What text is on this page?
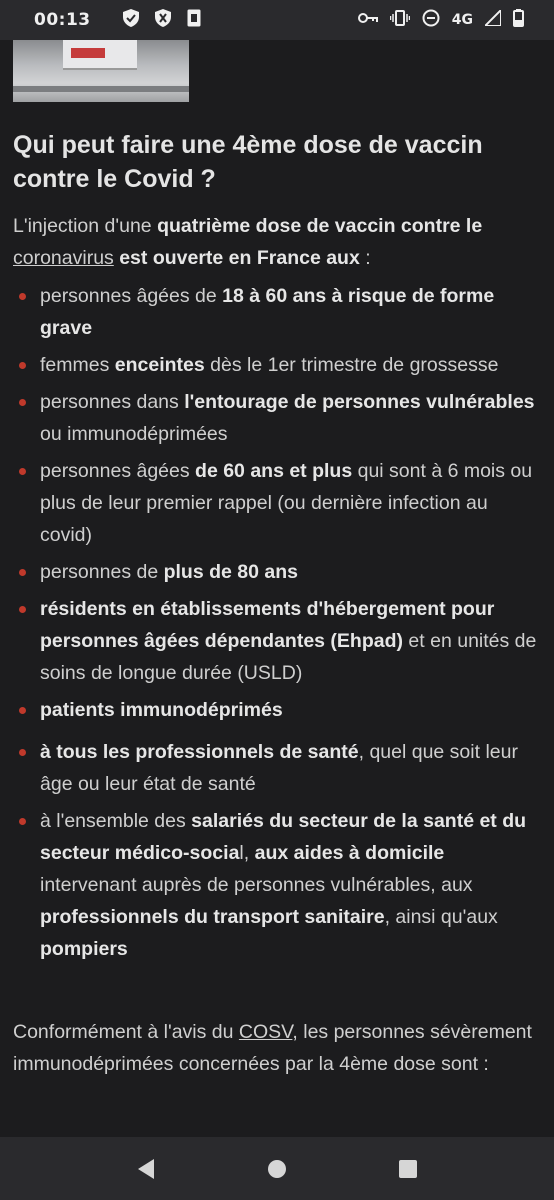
00:13	4G
Qui peut faire une 4ème dose de vaccin contre le Covid ?

L'injection d'une quatrième dose de vaccin contre le
coronavirus est ouverte en France aux :

personnes âgées de 18 à 60 ans à risque de forme grave
femmes enceintes dès le 1er trimestre de grossesse
personnes dans l'entourage de personnes vulnérables ou immunodéprimées
personnes âgées de 60 ans et plus qui sont à 6 mois ou plus de leur premier rappel (ou dernière infection au covid)
personnes de plus de 80 ans
résidents en établissements d'hébergement pour personnes âgées dépendantes (Ehpad) et en unités de soins de longue durée (USLD)
patients immunodéprimés
à tous les professionnels de santé, quel que soit leur âge ou leur état de santé
à l'ensemble des salariés du secteur de la santé et du secteur médico-social, aux aides à domicile intervenant auprès de personnes vulnérables, aux professionnels du transport sanitaire, ainsi qu'aux pompiers

Conformément à l'avis du COSV, les personnes sévèrement immunodéprimées concernées par la 4ème dose sont :
